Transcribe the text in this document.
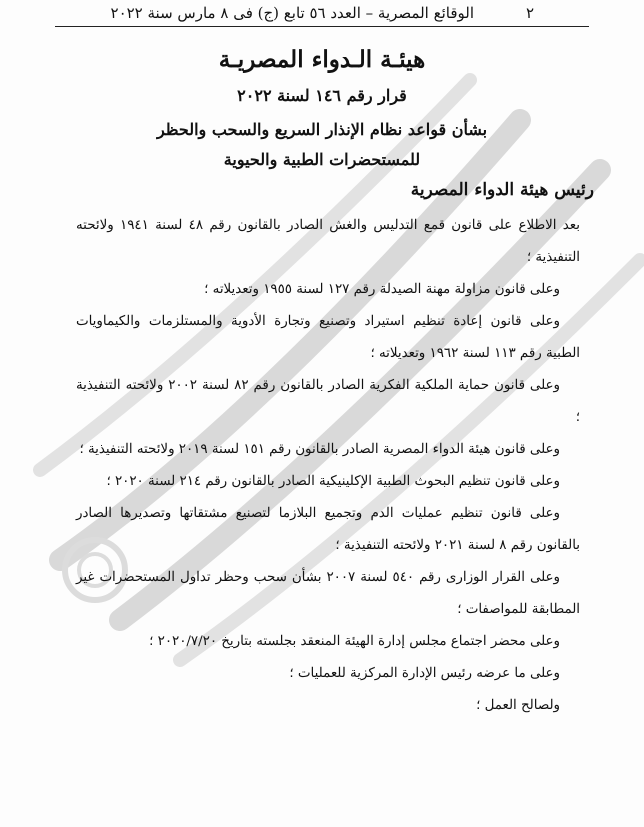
٢
الوقائع المصرية – العدد ٥٦ تابع (ج) فى ٨ مارس سنة ٢٠٢٢
هيئـة الـدواء المصريـة
قرار رقم ١٤٦ لسنة ٢٠٢٢
بشأن قواعد نظام الإنذار السريع والسحب والحظر
للمستحضرات الطبية والحيوية
رئيس هيئة الدواء المصرية

بعد الاطلاع على قانون قمع التدليس والغش الصادر بالقانون رقم ٤٨ لسنة ١٩٤١ ولائحته التنفيذية ؛

وعلى قانون مزاولة مهنة الصيدلة رقم ١٢٧ لسنة ١٩٥٥ وتعديلاته ؛

وعلى قانون إعادة تنظيم استيراد وتصنيع وتجارة الأدوية والمستلزمات والكيماويات الطبية رقم ١١٣ لسنة ١٩٦٢ وتعديلاته ؛

وعلى قانون حماية الملكية الفكرية الصادر بالقانون رقم ٨٢ لسنة ٢٠٠٢ ولائحته التنفيذية ؛

وعلى قانون هيئة الدواء المصرية الصادر بالقانون رقم ١٥١ لسنة ٢٠١٩ ولائحته التنفيذية ؛

وعلى قانون تنظيم البحوث الطبية الإكلينيكية الصادر بالقانون رقم ٢١٤ لسنة ٢٠٢٠ ؛

وعلى قانون تنظيم عمليات الدم وتجميع البلازما لتصنيع مشتقاتها وتصديرها الصادر بالقانون رقم ٨ لسنة ٢٠٢١ ولائحته التنفيذية ؛

وعلى القرار الوزارى رقم ٥٤٠ لسنة ٢٠٠٧ بشأن سحب وحظر تداول المستحضرات غير المطابقة للمواصفات ؛

وعلى محضر اجتماع مجلس إدارة الهيئة المنعقد بجلسته بتاريخ ٢٠٢٠/٧/٢٠ ؛

وعلى ما عرضه رئيس الإدارة المركزية للعمليات ؛

ولصالح العمل ؛
